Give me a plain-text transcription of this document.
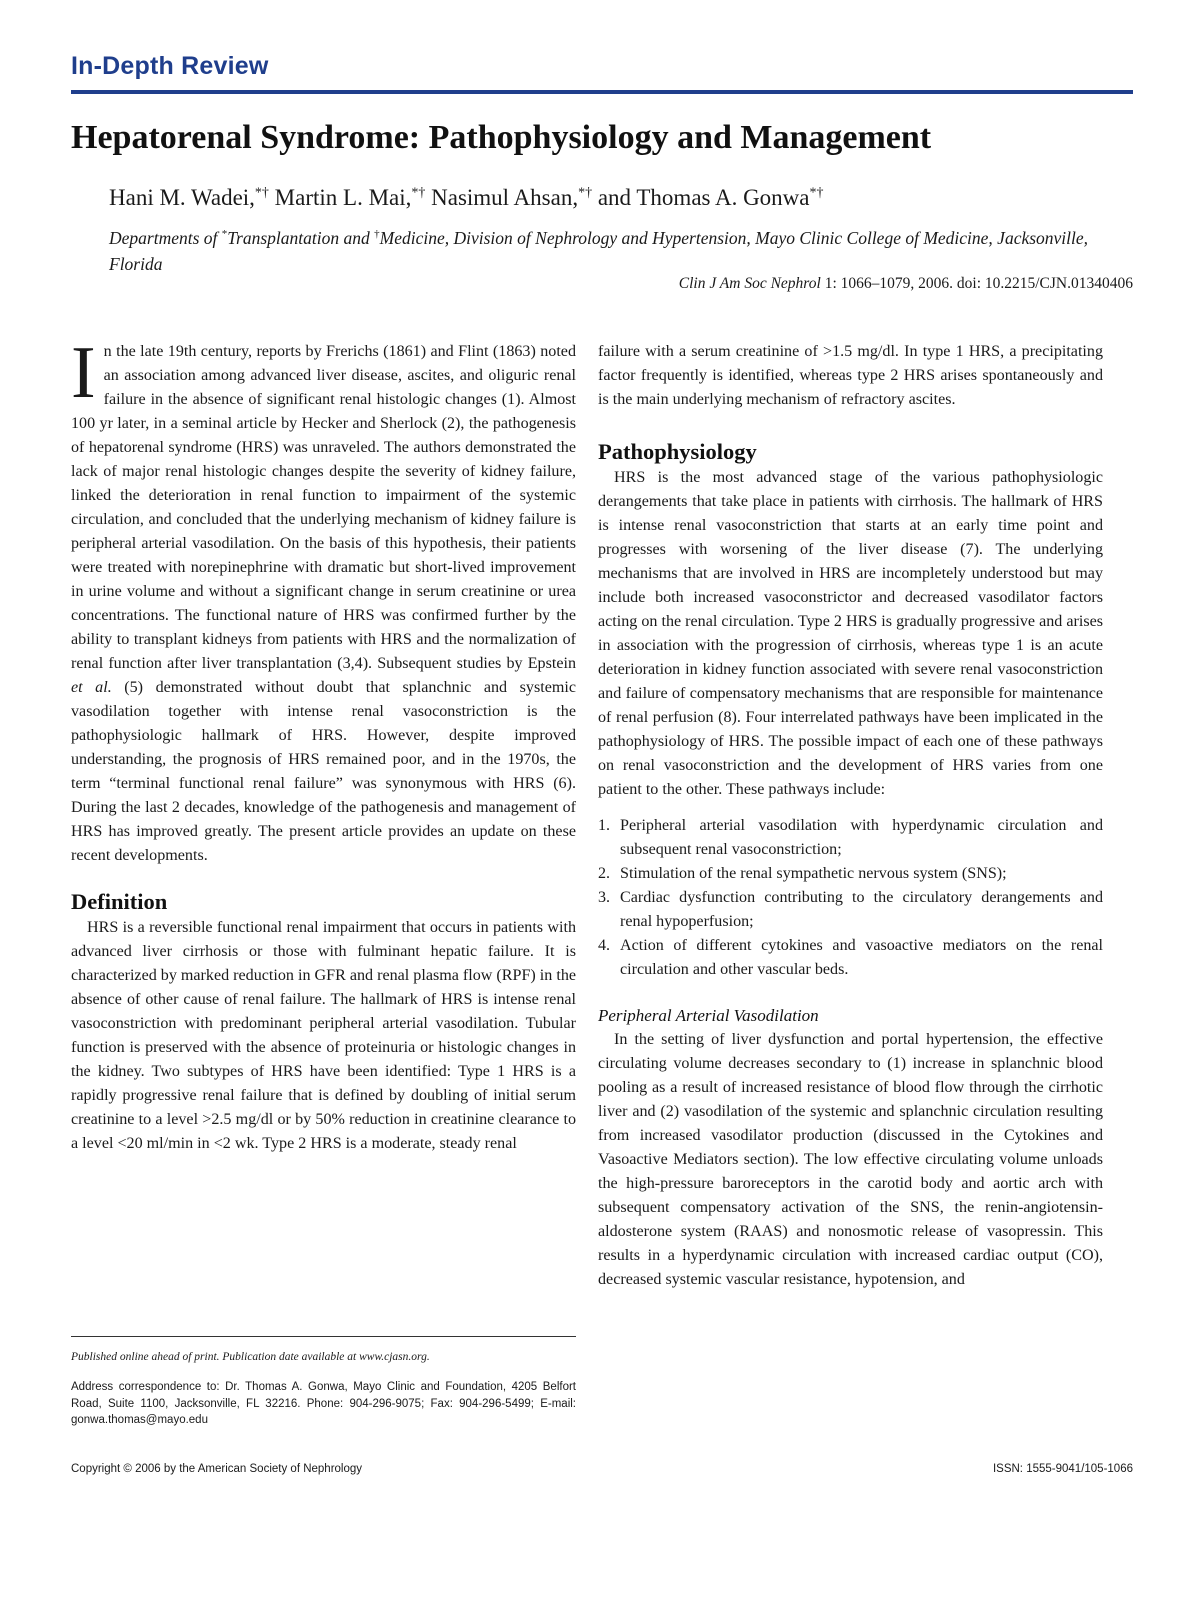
In-Depth Review
Hepatorenal Syndrome: Pathophysiology and Management
Hani M. Wadei,*† Martin L. Mai,*† Nasimul Ahsan,*† and Thomas A. Gonwa*†
Departments of *Transplantation and †Medicine, Division of Nephrology and Hypertension, Mayo Clinic College of Medicine, Jacksonville, Florida
Clin J Am Soc Nephrol 1: 1066–1079, 2006. doi: 10.2215/CJN.01340406

In the late 19th century, reports by Frerichs (1861) and Flint (1863) noted an association among advanced liver disease, ascites, and oliguric renal failure in the absence of significant renal histologic changes (1). Almost 100 yr later, in a seminal article by Hecker and Sherlock (2), the pathogenesis of hepatorenal syndrome (HRS) was unraveled. The authors demonstrated the lack of major renal histologic changes despite the severity of kidney failure, linked the deterioration in renal function to impairment of the systemic circulation, and concluded that the underlying mechanism of kidney failure is peripheral arterial vasodilation. On the basis of this hypothesis, their patients were treated with norepinephrine with dramatic but short-lived improvement in urine volume and without a significant change in serum creatinine or urea concentrations. The functional nature of HRS was confirmed further by the ability to transplant kidneys from patients with HRS and the normalization of renal function after liver transplantation (3,4). Subsequent studies by Epstein et al. (5) demonstrated without doubt that splanchnic and systemic vasodilation together with intense renal vasoconstriction is the pathophysiologic hallmark of HRS. However, despite improved understanding, the prognosis of HRS remained poor, and in the 1970s, the term “terminal functional renal failure” was synonymous with HRS (6). During the last 2 decades, knowledge of the pathogenesis and management of HRS has improved greatly. The present article provides an update on these recent developments.

Definition

HRS is a reversible functional renal impairment that occurs in patients with advanced liver cirrhosis or those with fulminant hepatic failure. It is characterized by marked reduction in GFR and renal plasma flow (RPF) in the absence of other cause of renal failure. The hallmark of HRS is intense renal vasoconstriction with predominant peripheral arterial vasodilation. Tubular function is preserved with the absence of proteinuria or histologic changes in the kidney. Two subtypes of HRS have been identified: Type 1 HRS is a rapidly progressive renal failure that is defined by doubling of initial serum creatinine to a level >2.5 mg/dl or by 50% reduction in creatinine clearance to a level <20 ml/min in <2 wk. Type 2 HRS is a moderate, steady renal

failure with a serum creatinine of >1.5 mg/dl. In type 1 HRS, a precipitating factor frequently is identified, whereas type 2 HRS arises spontaneously and is the main underlying mechanism of refractory ascites.

Pathophysiology

HRS is the most advanced stage of the various pathophysiologic derangements that take place in patients with cirrhosis. The hallmark of HRS is intense renal vasoconstriction that starts at an early time point and progresses with worsening of the liver disease (7). The underlying mechanisms that are involved in HRS are incompletely understood but may include both increased vasoconstrictor and decreased vasodilator factors acting on the renal circulation. Type 2 HRS is gradually progressive and arises in association with the progression of cirrhosis, whereas type 1 is an acute deterioration in kidney function associated with severe renal vasoconstriction and failure of compensatory mechanisms that are responsible for maintenance of renal perfusion (8). Four interrelated pathways have been implicated in the pathophysiology of HRS. The possible impact of each one of these pathways on renal vasoconstriction and the development of HRS varies from one patient to the other. These pathways include:

1. Peripheral arterial vasodilation with hyperdynamic circulation and subsequent renal vasoconstriction;
2. Stimulation of the renal sympathetic nervous system (SNS);
3. Cardiac dysfunction contributing to the circulatory derangements and renal hypoperfusion;
4. Action of different cytokines and vasoactive mediators on the renal circulation and other vascular beds.
Peripheral Arterial Vasodilation

In the setting of liver dysfunction and portal hypertension, the effective circulating volume decreases secondary to (1) increase in splanchnic blood pooling as a result of increased resistance of blood flow through the cirrhotic liver and (2) vasodilation of the systemic and splanchnic circulation resulting from increased vasodilator production (discussed in the Cytokines and Vasoactive Mediators section). The low effective circulating volume unloads the high-pressure baroreceptors in the carotid body and aortic arch with subsequent compensatory activation of the SNS, the renin-angiotensin-aldosterone system (RAAS) and nonosmotic release of vasopressin. This results in a hyperdynamic circulation with increased cardiac output (CO), decreased systemic vascular resistance, hypotension, and

Published online ahead of print. Publication date available at www.cjasn.org.
Address correspondence to: Dr. Thomas A. Gonwa, Mayo Clinic and Foundation, 4205 Belfort Road, Suite 1100, Jacksonville, FL 32216. Phone: 904-296-9075; Fax: 904-296-5499; E-mail: gonwa.thomas@mayo.edu
Copyright © 2006 by the American Society of Nephrology	ISSN: 1555-9041/105-1066
